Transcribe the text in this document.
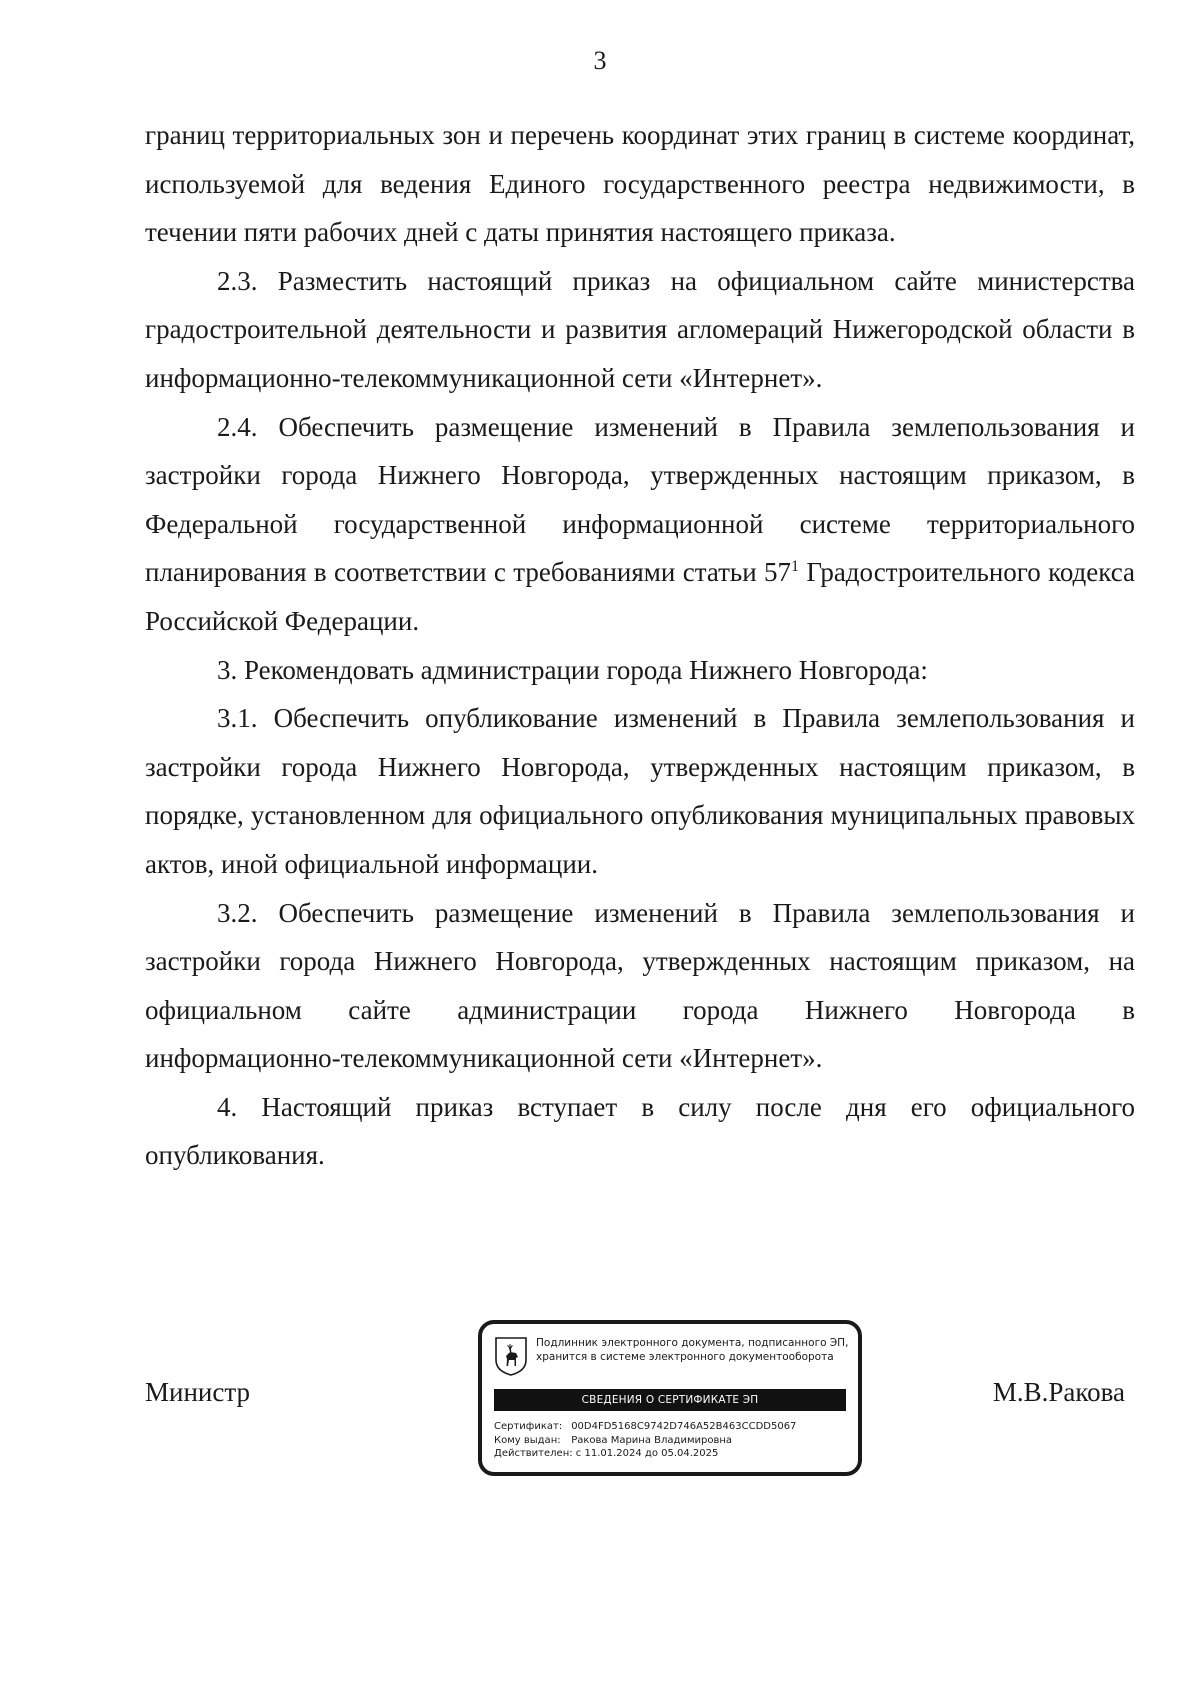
3

границ территориальных зон и перечень координат этих границ в системе координат, используемой для ведения Единого государственного реестра недвижимости, в течении пяти рабочих дней с даты принятия настоящего приказа.

2.3. Разместить настоящий приказ на официальном сайте министерства градостроительной деятельности и развития агломераций Нижегородской области в информационно-телекоммуникационной сети «Интернет».

2.4. Обеспечить размещение изменений в Правила землепользования и застройки города Нижнего Новгорода, утвержденных настоящим приказом, в Федеральной государственной информационной системе территориального планирования в соответствии с требованиями статьи $57^1$ Градостроительного кодекса Российской Федерации.

3. Рекомендовать администрации города Нижнего Новгорода:

3.1. Обеспечить опубликование изменений в Правила землепользования и застройки города Нижнего Новгорода, утвержденных настоящим приказом, в порядке, установленном для официального опубликования муниципальных правовых актов, иной официальной информации.

3.2. Обеспечить размещение изменений в Правила землепользования и застройки города Нижнего Новгорода, утвержденных настоящим приказом, на официальном сайте администрации города Нижнего Новгорода в

информационно-телекоммуникационной сети «Интернет».

4. Настоящий приказ вступает в силу после дня его официального опубликования.

Министр
Подлинник электронного документа, подписанного ЭП,
хранится в системе электронного документооборота
СВЕДЕНИЯ О СЕРТИФИКАТЕ ЭП
Сертификат: 00D4FD5168C9742D746A52B463CCDD5067
Кому выдан: Ракова Марина Владимировна
Действителен: с 11.01.2024 до 05.04.2025
М.В.Ракова
